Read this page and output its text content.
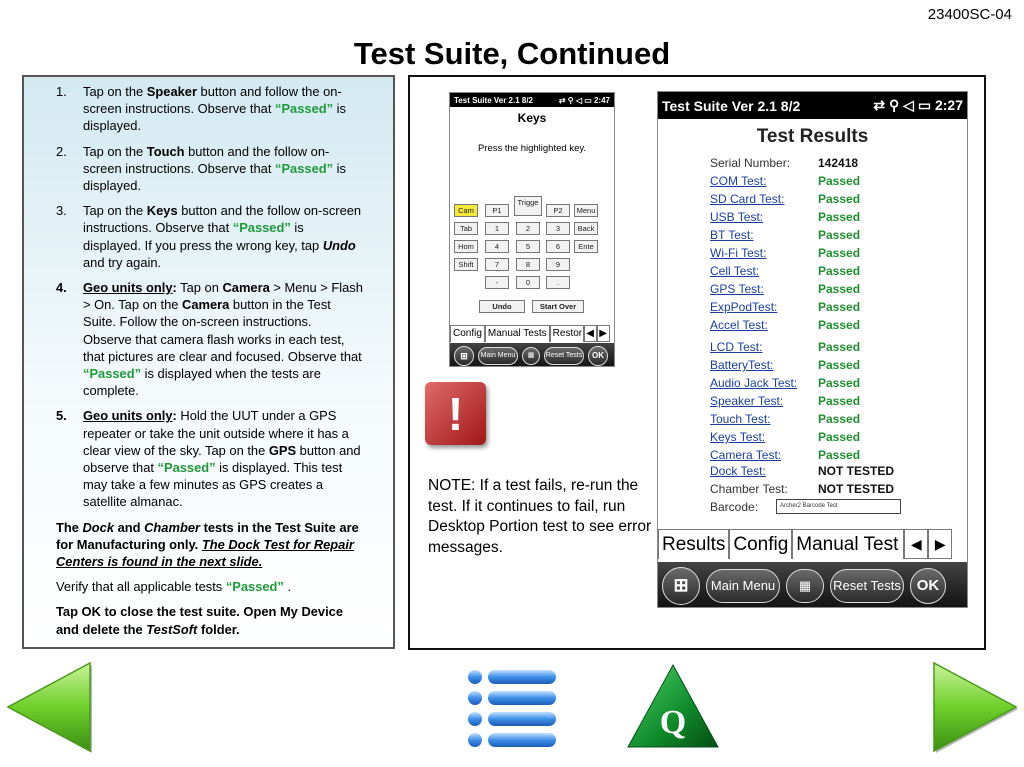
23400SC-04
Test Suite, Continued
1. Tap on the Speaker button and follow the on-screen instructions. Observe that “Passed” is displayed.
2. Tap on the Touch button and the follow on-screen instructions. Observe that “Passed” is displayed.
3. Tap on the Keys button and the follow on-screen instructions. Observe that “Passed” is displayed. If you press the wrong key, tap Undo and try again.
4. Geo units only: Tap on Camera > Menu > Flash > On. Tap on the Camera button in the Test Suite. Follow the on-screen instructions. Observe that camera flash works in each test, that pictures are clear and focused. Observe that “Passed” is displayed when the tests are complete.
5. Geo units only: Hold the UUT under a GPS repeater or take the unit outside where it has a clear view of the sky. Tap on the GPS button and observe that “Passed” is displayed. This test may take a few minutes as GPS creates a satellite almanac.

The Dock and Chamber tests in the Test Suite are for Manufacturing only. The Dock Test for Repair Centers is found in the next slide.

Verify that all applicable tests “Passed” .

Tap OK to close the test suite. Open My Device and delete the TestSoft folder.

Test Suite Ver 2.1 8/2	⇄ ⚲ ◁ ▭ 2:47
Keys
Press the highlighted key.
Cam	P1
Trigge
P2	Menu
Tab	1	2	3	Back
Hom	4	5	6	Ente
Shift	7	8	9
-	0	.
Undo	Start Over
Config Manual Tests Restor ◀ ▶
⊞	Main Menu	▦	Reset Tests	OK
!
NOTE: If a test fails, re-run the test. If it continues to fail, run Desktop Portion test to see error messages.
Test Suite Ver 2.1 8/2	⇄ ⚲ ◁ ▭ 2:27
Test Results
Serial Number: 142418
COM Test:	Passed
SD Card Test:	Passed
USB Test:	Passed
BT Test:	Passed
Wi-Fi Test:	Passed
Cell Test:	Passed
GPS Test:	Passed
ExpPodTest:	Passed
Accel Test:	Passed
LCD Test:	Passed
BatteryTest:	Passed
Audio Jack Test: Passed
Speaker Test:	Passed
Touch Test:	Passed
Keys Test:	Passed
Camera Test:	Passed
Dock Test:	NOT TESTED
Chamber Test:	NOT TESTED
Barcode:	Archer2 Barcode Test
Results Config Manual Test ◀ ▶
⊞	Main Menu	▦	Reset Tests	OK
Q
